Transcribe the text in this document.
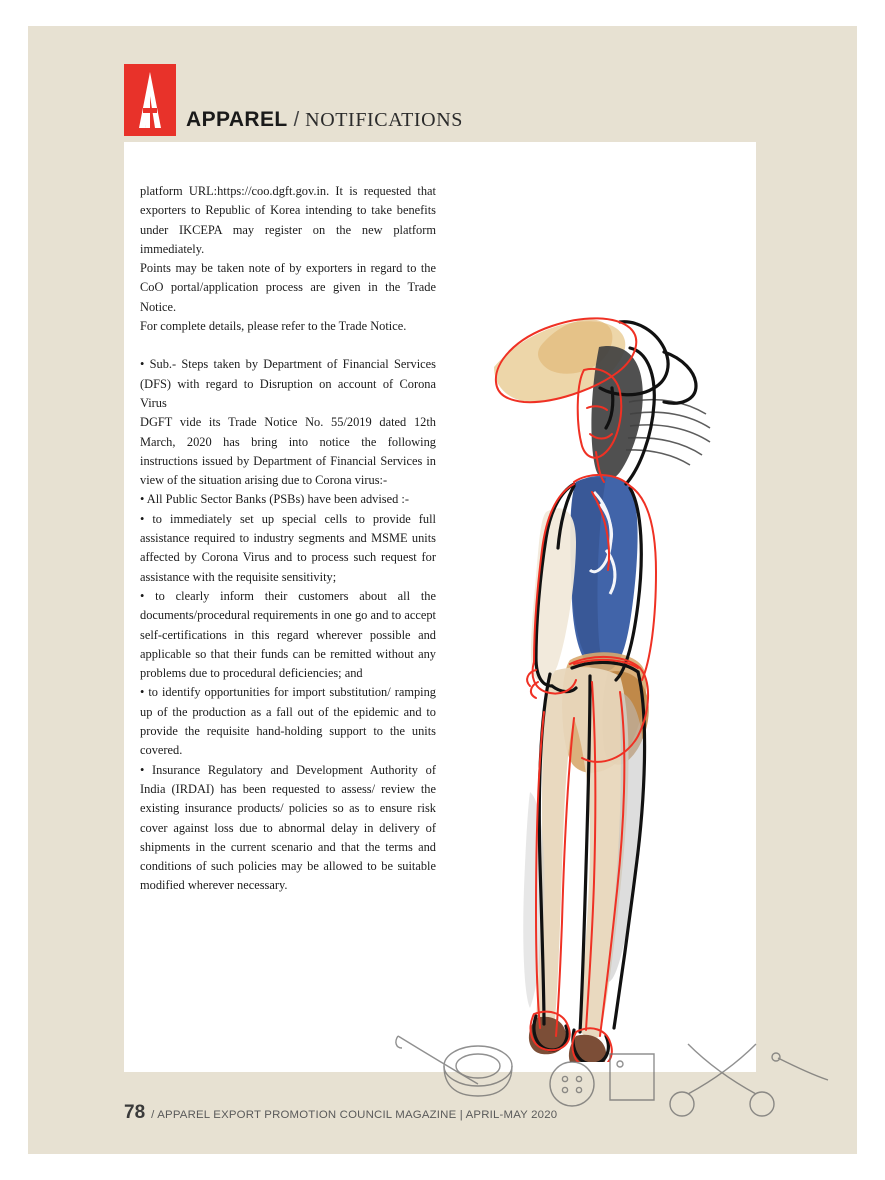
APPAREL / NOTIFICATIONS

platform URL:https://coo.dgft.gov.in. It is requested that exporters to Republic of Korea intending to take benefits under IKCEPA may register on the new platform immediately.

Points may be taken note of by exporters in regard to the CoO portal/application process are given in the Trade Notice.

For complete details, please refer to the Trade Notice.

• Sub.- Steps taken by Department of Financial Services (DFS) with regard to Disruption on account of Corona Virus

DGFT vide its Trade Notice No. 55/2019 dated 12th March, 2020 has bring into notice the following instructions issued by Department of Financial Services in view of the situation arising due to Corona virus:-

• All Public Sector Banks (PSBs) have been advised :-

• to immediately set up special cells to provide full assistance required to industry segments and MSME units affected by Corona Virus and to process such request for assistance with the requisite sensitivity;

• to clearly inform their customers about all the documents/procedural requirements in one go and to accept self-certifications in this regard wherever possible and applicable so that their funds can be remitted without any problems due to procedural deficiencies; and

• to identify opportunities for import substitution/ ramping up of the production as a fall out of the epidemic and to provide the requisite hand-holding support to the units covered.

• Insurance Regulatory and Development Authority of India (IRDAI) has been requested to assess/ review the existing insurance products/ policies so as to ensure risk cover against loss due to abnormal delay in delivery of shipments in the current scenario and that the terms and conditions of such policies may be allowed to be suitable modified wherever necessary.

78 / APPAREL EXPORT PROMOTION COUNCIL MAGAZINE | APRIL-MAY 2020
